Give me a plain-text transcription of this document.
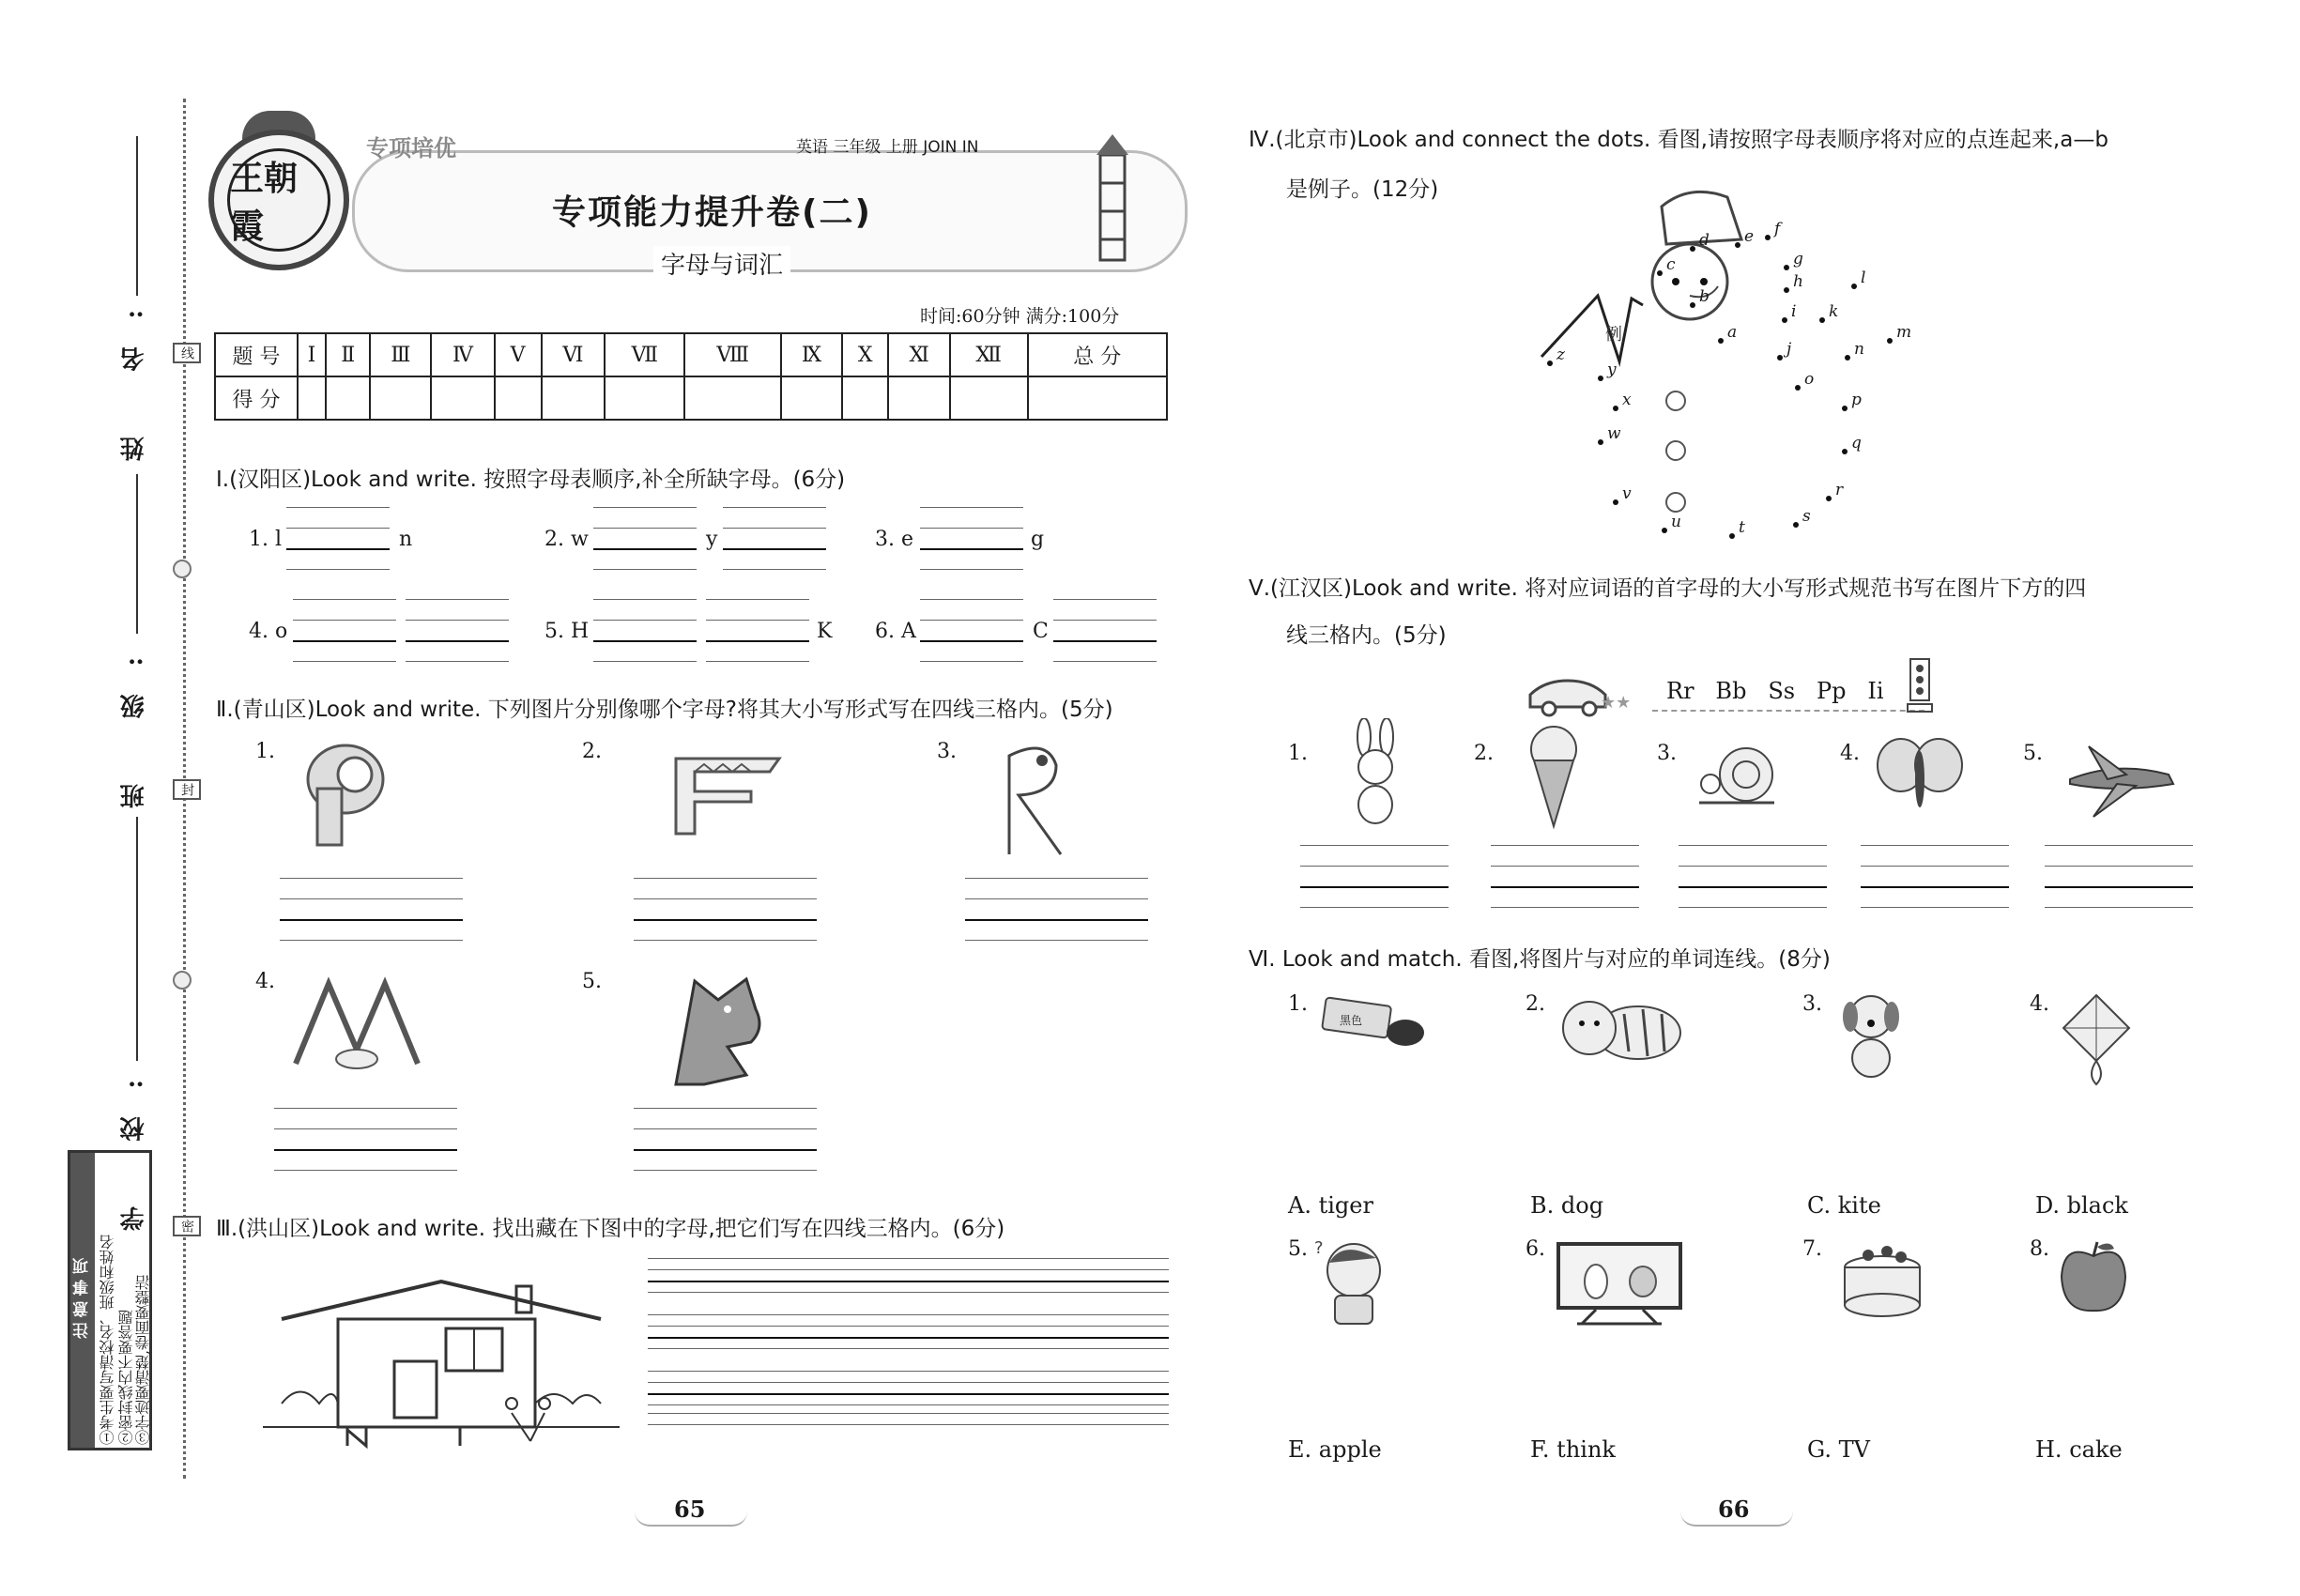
姓 名:
班 级:
学 校:
线
封
密
注意事项 ①考生要写清校名、班级和姓名 ②密封线内不要答题 ③字迹要清楚,卷面要整洁
王朝霞
专项培优	英语 三年级 上册 JOIN IN
专项能力提升卷(二)
字母与词汇
时间:60分钟 满分:100分
题 号	Ⅰ	Ⅱ	Ⅲ	Ⅳ	Ⅴ	Ⅵ	Ⅶ	Ⅷ	Ⅸ	Ⅹ	Ⅺ	Ⅻ	总 分
得 分													
Ⅰ.(汉阳区)Look and write. 按照字母表顺序,补全所缺字母。(6分)
1. l	n	2. w	y	3. e	g
4. o	5. H	K 6. A	C
Ⅱ.(青山区)Look and write. 下列图片分别像哪个字母?将其大小写形式写在四线三格内。(5分)
1.	2.	3.
4.	5.
Ⅲ.(洪山区)Look and write. 找出藏在下图中的字母,把它们写在四线三格内。(6分)
65
Ⅳ.(北京市)Look and connect the dots. 看图,请按照字母表顺序将对应的点连起来,a—b
是例子。(12分)
例	a
b
c
d e f
g
h
i
j
k
l
m
n
o
p
q
r
s
t
u
v
w
x
y
z
Ⅴ.(江汉区)Look and write. 将对应词语的首字母的大小写形式规范书写在图片下方的四
线三格内。(5分)
★★ Rr   Bb   Ss   Pp   Ii
1.	2.	3.	4.	5.
Ⅵ. Look and match. 看图,将图片与对应的单词连线。(8分)
1.
黑色
2.	3.	4.
A. tiger	B. dog	C. kite	D. black
5. ?	6.	7.	8.
E. apple	F. think	G. TV	H. cake
66
